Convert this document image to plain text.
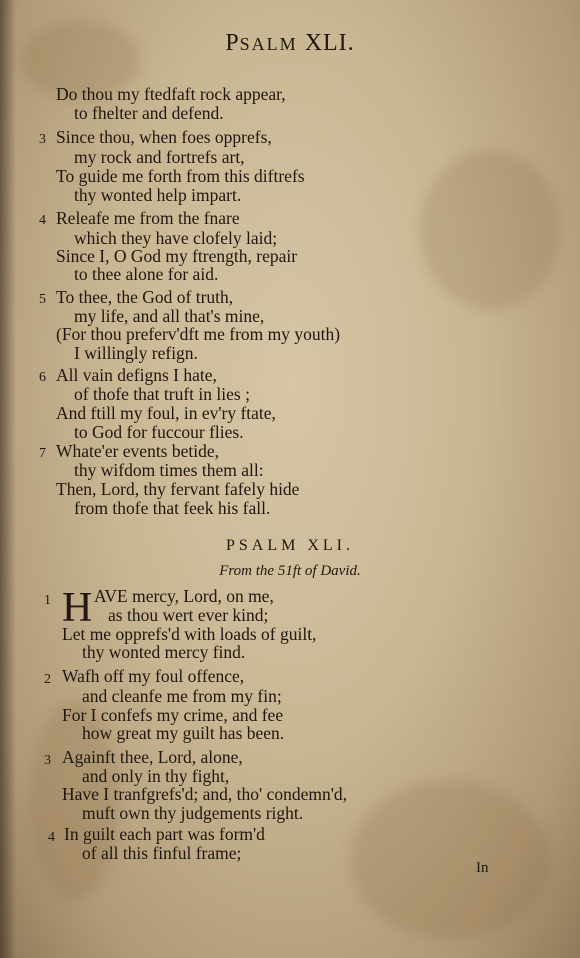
PSALM XLI.
Do thou my ftedfaft rock appear,
to fhelter and defend.
3 Since thou, when foes opprefs,
my rock and fortrefs art,
To guide me forth from this diftrefs
thy wonted help impart.
4 Releafe me from the fnare
which they have clofely laid;
Since I, O God my ftrength, repair
to thee alone for aid.
5 To thee, the God of truth,
my life, and all that's mine,
(For thou preferv'dft me from my youth)
I willingly refign.
6 All vain defigns I hate,
of thofe that truft in lies ;
And ftill my foul, in ev'ry ftate,
to God for fuccour flies.
7 Whate'er events betide,
thy wifdom times them all:
Then, Lord, thy fervant fafely hide
from thofe that feek his fall.
PSALM XLI.
From the 51ft of David.
1 H AVE mercy, Lord, on me,
as thou wert ever kind;
Let me opprefs'd with loads of guilt,
thy wonted mercy find.
2 Wafh off my foul offence,
and cleanfe me from my fin;
For I confefs my crime, and fee
how great my guilt has been.
3 Againft thee, Lord, alone,
and only in thy fight,
Have I tranfgrefs'd; and, tho' condemn'd,
muft own thy judgements right.
4 In guilt each part was form'd
of all this finful frame;
In
